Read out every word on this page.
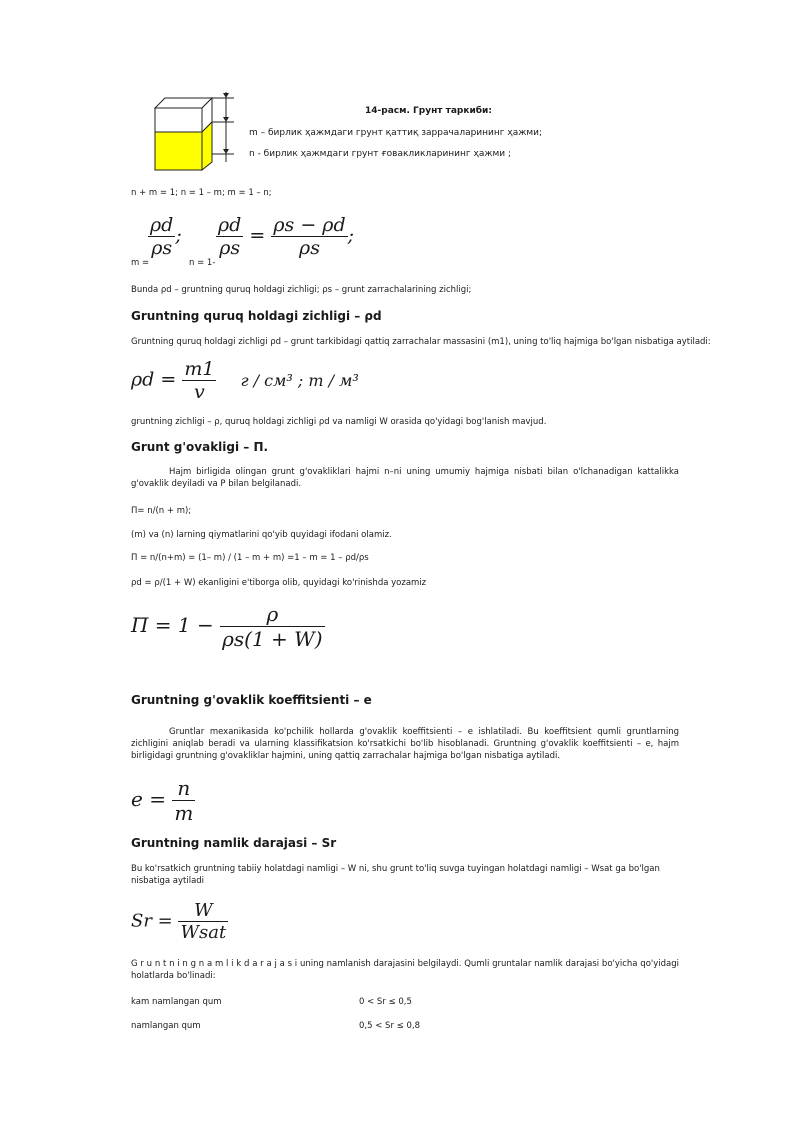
14-расм. Грунт таркиби:
m – бирлик ҳажмдаги грунт қаттиқ заррачаларининг ҳажми;
n - бирлик ҳажмдаги грунт ғовакликларининг ҳажми ;
n + m = 1; n = 1 – m; m = 1 – n;
m =
$\frac{\rho d}{\rho s}$ ;
n = 1-
$\frac{\rho d}{\rho s} = \frac{\rho s - \rho d}{\rho s}$ ;
Bunda ρd – gruntning quruq holdagi zichligi; ρs – grunt zarrachalarining zichligi;
Gruntning quruq holdagi zichligi – ρd
Gruntning quruq holdagi zichligi ρd – grunt tarkibidagi qattiq zarrachalar massasini (m1), uning to'liq hajmiga bo'lgan nisbatiga aytiladi:
$\rho d = \frac{m1}{v}$ г / см³ ; т / м³
gruntning zichligi – ρ, quruq holdagi zichligi ρd va namligi W orasida qo'yidagi bog'lanish mavjud.
Grunt g'ovakligi – П.
Hajm birligida olingan grunt g'ovakliklari hajmi n–ni uning umumiy hajmiga nisbati bilan o'lchanadigan kattalikka g'ovaklik deyiladi va P bilan belgilanadi.
П= n/(n + m);
(m) va (n) larning qiymatlarini qo'yib quyidagi ifodani olamiz.
П = n/(n+m) = (1– m) / (1 – m + m) =1 – m = 1 – ρd/ρs
ρd = ρ/(1 + W) ekanligini e'tiborga olib, quyidagi ko'rinishda yozamiz
$П = 1 - \frac{\rho}{\rho s(1 + W)}$
Gruntning g'ovaklik koeffitsienti – e
Gruntlar mexanikasida ko'pchilik hollarda g'ovaklik koeffitsienti – e ishlatiladi. Bu koeffitsient qumli gruntlarning zichligini aniqlab beradi va ularning klassifikatsion ko'rsatkichi bo'lib hisoblanadi. Gruntning g'ovaklik koeffitsienti – e, hajm birligidagi gruntning g'ovakliklar hajmini, uning qattiq zarrachalar hajmiga bo'lgan nisbatiga aytiladi.
$e = \frac{n}{m}$
Gruntning namlik darajasi – Sr
Bu ko'rsatkich gruntning tabiiy holatdagi namligi – W ni, shu grunt to'liq suvga tuyingan holatdagi namligi – Wsat ga bo'lgan nisbatiga aytiladi
$Sr = \frac{W}{\text{Wsat}}$
G r u n t n i n g n a m l i k d a r a j a s i uning namlanish darajasini belgilaydi. Qumli gruntalar namlik darajasi bo'yicha qo'yidagi holatlarda bo'linadi:
kam namlangan qum	0 < Sr ≤ 0,5
namlangan qum	0,5 < Sr ≤ 0,8
